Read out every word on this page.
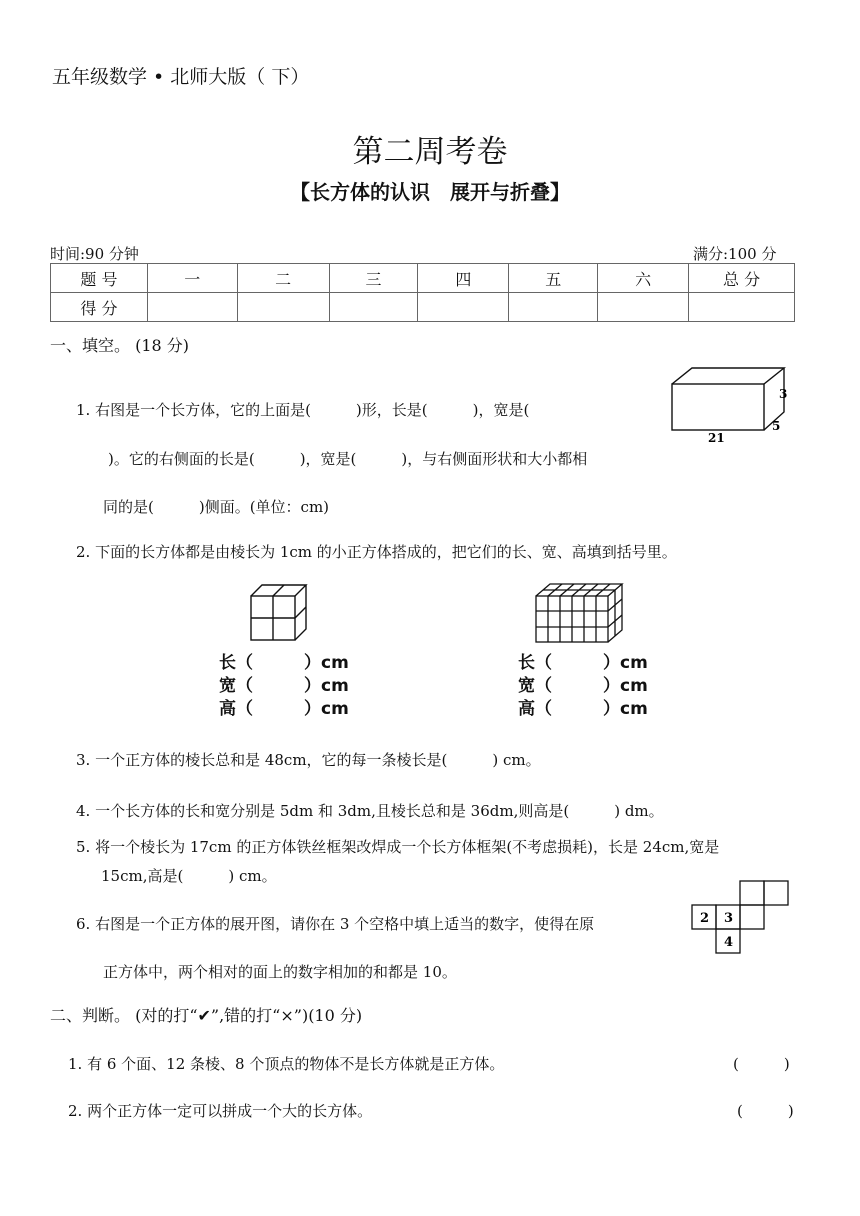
五年级数学 • 北师大版（ 下）
第二周考卷
【长方体的认识　展开与折叠】
时间:90 分钟	满分:100 分
题 号	一	二	三	四	五	六	总 分
得 分							
一、填空。 (18 分)
1. 右图是一个长方体，它的上面是(　　　)形，长是(　　　)，宽是(
)。它的右侧面的长是(　　　)，宽是(　　　)，与右侧面形状和大小都相
同的是(　　　)侧面。(单位：cm)
3
21
5
2. 下面的长方体都是由棱长为 1cm 的小正方体搭成的，把它们的长、宽、高填到括号里。
长（　　　）cm
宽（　　　）cm
高（　　　）cm
长（　　　）cm
宽（　　　）cm
高（　　　）cm
3. 一个正方体的棱长总和是 48cm，它的每一条棱长是(　　　) cm。
4. 一个长方体的长和宽分别是 5dm 和 3dm,且棱长总和是 36dm,则高是(　　　) dm。
5. 将一个棱长为 17cm 的正方体铁丝框架改焊成一个长方体框架(不考虑损耗)，长是 24cm,宽是
15cm,高是(　　　) cm。
6. 右图是一个正方体的展开图，请你在 3 个空格中填上适当的数字，使得在原
正方体中，两个相对的面上的数字相加的和都是 10。
2 3
4
二、判断。 (对的打“✔”,错的打“×”)(10 分)
1. 有 6 个面、12 条棱、8 个顶点的物体不是长方体就是正方体。	(　　　)
2. 两个正方体一定可以拼成一个大的长方体。	(　　　)
